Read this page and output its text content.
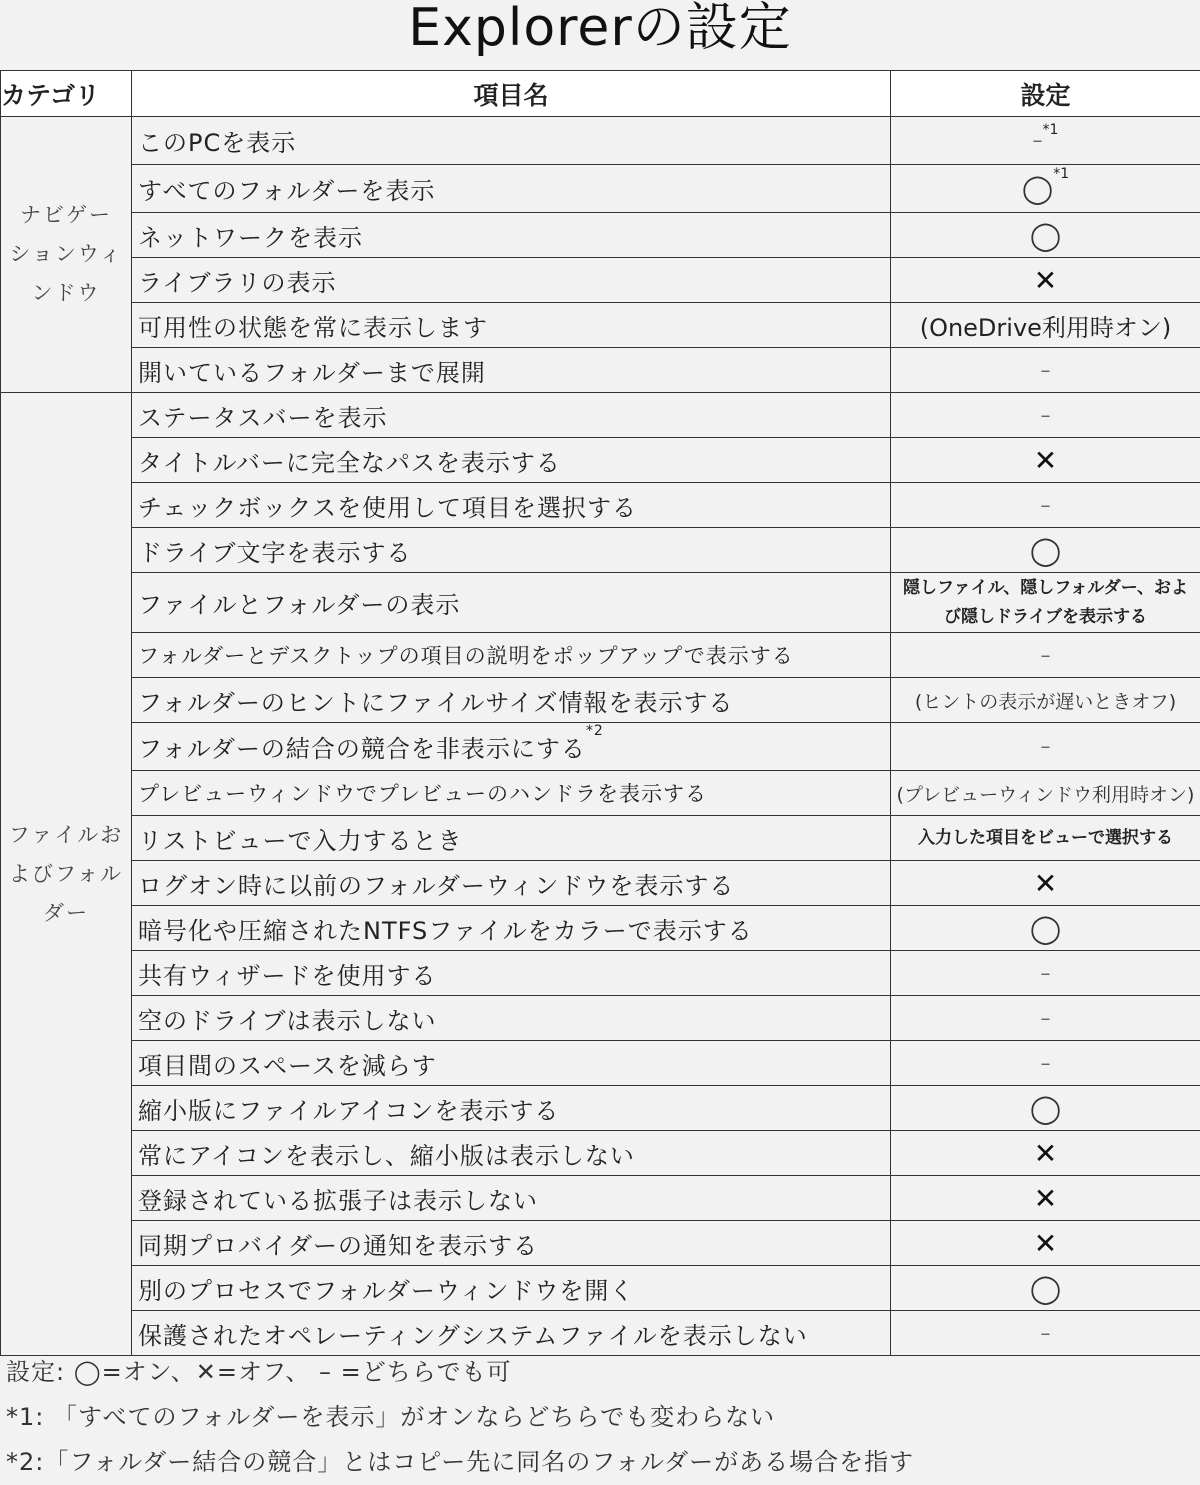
Explorerの設定
カテゴリ	項目名	設定

ナビゲー
ションウィ
ンドウ	このPCを表示	–$^{*1}$
	すべてのフォルダーを表示	◯$^{*1}$
	ネットワークを表示	◯
	ライブラリの表示	✕
	可用性の状態を常に表示します	(OneDrive利用時オン)
	開いているフォルダーまで展開	–

ファイルお
よびフォル
ダー	ステータスバーを表示	–
	タイトルバーに完全なパスを表示する	✕
	チェックボックスを使用して項目を選択する	–
	ドライブ文字を表示する	◯
	ファイルとフォルダーの表示	隠しファイル、隠しフォルダー、および隠しドライブを表示する
	フォルダーとデスクトップの項目の説明をポップアップで表示する	–
	フォルダーのヒントにファイルサイズ情報を表示する	(ヒントの表示が遅いときオフ)
	フォルダーの結合の競合を非表示にする$^{*2}$	–
	プレビューウィンドウでプレビューのハンドラを表示する	(プレビューウィンドウ利用時オン)
	リストビューで入力するとき	入力した項目をビューで選択する
	ログオン時に以前のフォルダーウィンドウを表示する	✕
	暗号化や圧縮されたNTFSファイルをカラーで表示する	◯
	共有ウィザードを使用する	–
	空のドライブは表示しない	–
	項目間のスペースを減らす	–
	縮小版にファイルアイコンを表示する	◯
	常にアイコンを表示し、縮小版は表示しない	✕
	登録されている拡張子は表示しない	✕
	同期プロバイダーの通知を表示する	✕
	別のプロセスでフォルダーウィンドウを開く	◯
	保護されたオペレーティングシステムファイルを表示しない	–
設定: ◯=オン、✕=オフ、 – =どちらでも可
*1: 「すべてのフォルダーを表示」がオンならどちらでも変わらない
*2:「フォルダー結合の競合」とはコピー先に同名のフォルダーがある場合を指す
